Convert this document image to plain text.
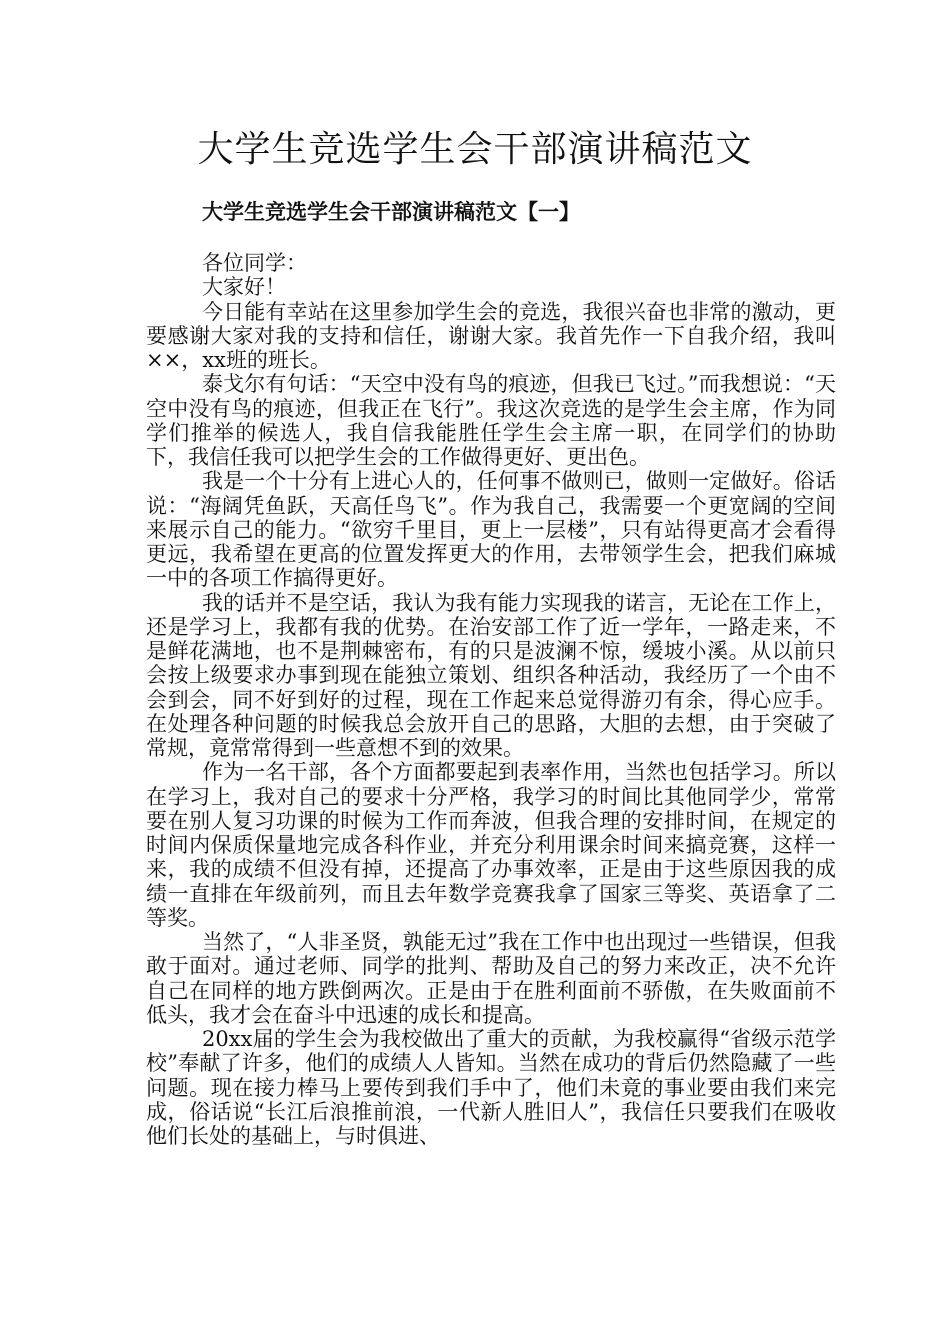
大学生竞选学生会干部演讲稿范文
大学生竞选学生会干部演讲稿范文【一】

各位同学：

大家好！

今日能有幸站在这里参加学生会的竞选，我很兴奋也非常的激动，更要感谢大家对我的支持和信任，谢谢大家。我首先作一下自我介绍，我叫××，xx班的班长。

泰戈尔有句话：“天空中没有鸟的痕迹，但我已飞过。”而我想说：“天空中没有鸟的痕迹，但我正在飞行”。我这次竞选的是学生会主席，作为同学们推举的候选人，我自信我能胜任学生会主席一职，在同学们的协助下，我信任我可以把学生会的工作做得更好、更出色。

我是一个十分有上进心人的，任何事不做则已，做则一定做好。俗话说：“海阔凭鱼跃，天高任鸟飞”。作为我自己，我需要一个更宽阔的空间来展示自己的能力。“欲穷千里目，更上一层楼”，只有站得更高才会看得更远，我希望在更高的位置发挥更大的作用，去带领学生会，把我们麻城一中的各项工作搞得更好。

我的话并不是空话，我认为我有能力实现我的诺言，无论在工作上，还是学习上，我都有我的优势。在治安部工作了近一学年，一路走来，不是鲜花满地，也不是荆棘密布，有的只是波澜不惊，缓坡小溪。从以前只会按上级要求办事到现在能独立策划、组织各种活动，我经历了一个由不会到会，同不好到好的过程，现在工作起来总觉得游刃有余，得心应手。在处理各种问题的时候我总会放开自己的思路，大胆的去想，由于突破了常规，竟常常得到一些意想不到的效果。

作为一名干部，各个方面都要起到表率作用，当然也包括学习。所以在学习上，我对自己的要求十分严格，我学习的时间比其他同学少，常常要在别人复习功课的时候为工作而奔波，但我合理的安排时间，在规定的时间内保质保量地完成各科作业，并充分利用课余时间来搞竞赛，这样一来，我的成绩不但没有掉，还提高了办事效率，正是由于这些原因我的成绩一直排在年级前列，而且去年数学竞赛我拿了国家三等奖、英语拿了二等奖。

当然了，“人非圣贤，孰能无过”我在工作中也出现过一些错误，但我敢于面对。通过老师、同学的批判、帮助及自己的努力来改正，决不允许自己在同样的地方跌倒两次。正是由于在胜利面前不骄傲，在失败面前不低头，我才会在奋斗中迅速的成长和提高。

20xx届的学生会为我校做出了重大的贡献，为我校赢得“省级示范学校”奉献了许多，他们的成绩人人皆知。当然在成功的背后仍然隐藏了一些问题。现在接力棒马上要传到我们手中了，他们未竟的事业要由我们来完成，俗话说“长江后浪推前浪，一代新人胜旧人”，我信任只要我们在吸收他们长处的基础上，与时俱进、
